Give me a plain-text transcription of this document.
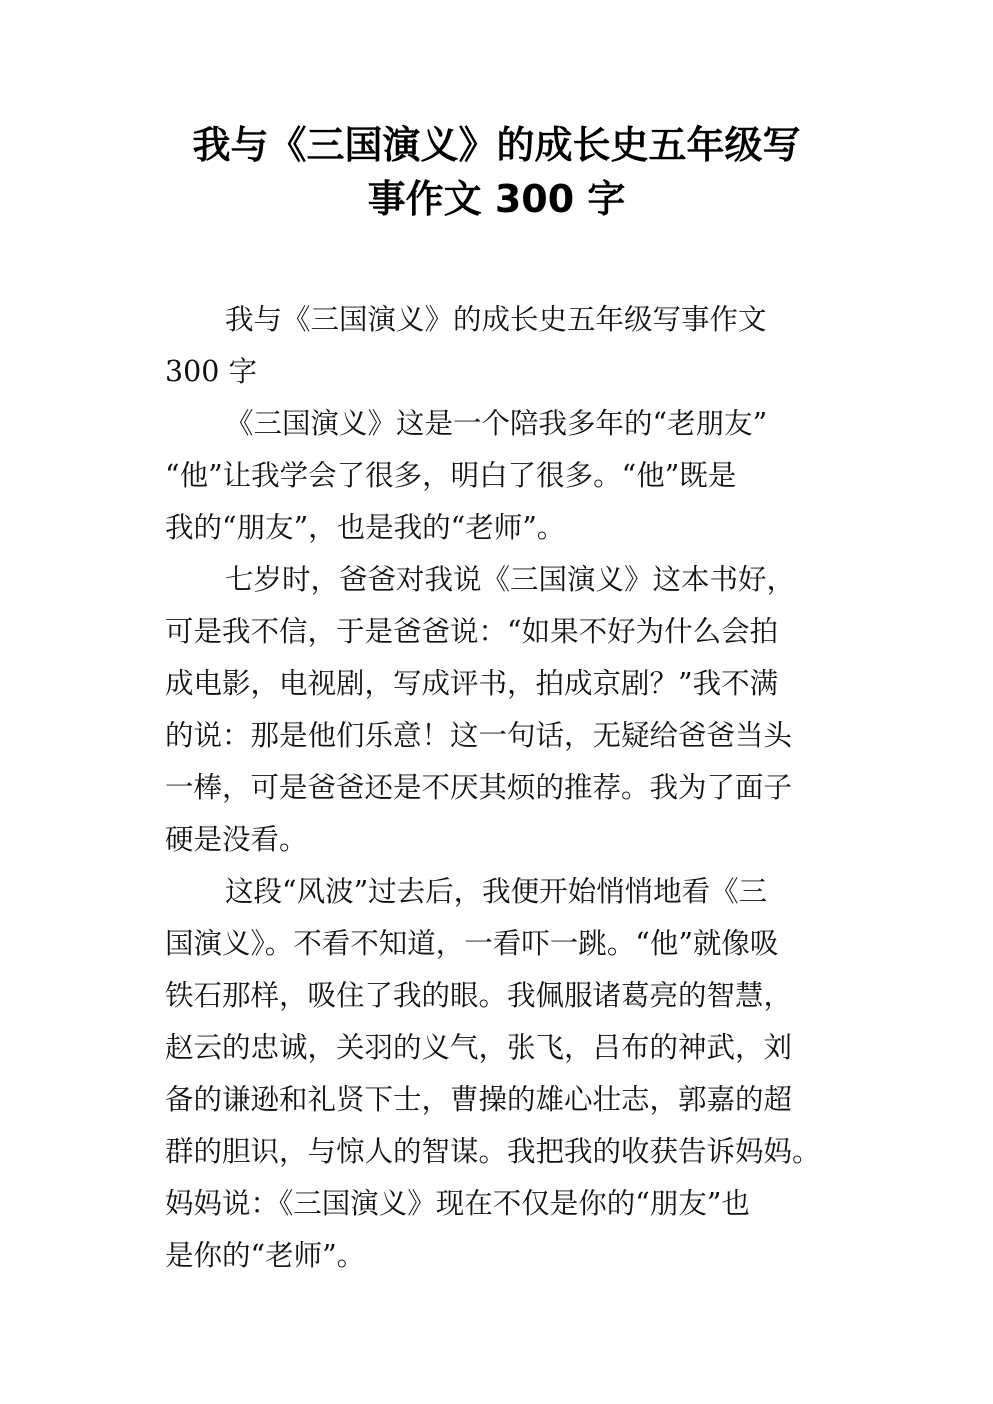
我与《三国演义》的成长史五年级写
事作文 300 字

我与《三国演义》的成长史五年级写事作文
300 字

《三国演义》这是一个陪我多年的“老朋友”
“他”让我学会了很多，明白了很多。“他”既是
我的“朋友”，也是我的“老师”。

七岁时，爸爸对我说《三国演义》这本书好，
可是我不信，于是爸爸说：“如果不好为什么会拍
成电影，电视剧，写成评书，拍成京剧？”我不满
的说：那是他们乐意！这一句话，无疑给爸爸当头
一棒，可是爸爸还是不厌其烦的推荐。我为了面子
硬是没看。

这段“风波”过去后，我便开始悄悄地看《三
国演义》。不看不知道，一看吓一跳。“他”就像吸
铁石那样，吸住了我的眼。我佩服诸葛亮的智慧，
赵云的忠诚，关羽的义气，张飞，吕布的神武，刘
备的谦逊和礼贤下士，曹操的雄心壮志，郭嘉的超
群的胆识，与惊人的智谋。我把我的收获告诉妈妈。
妈妈说：《三国演义》现在不仅是你的“朋友”也
是你的“老师”。
